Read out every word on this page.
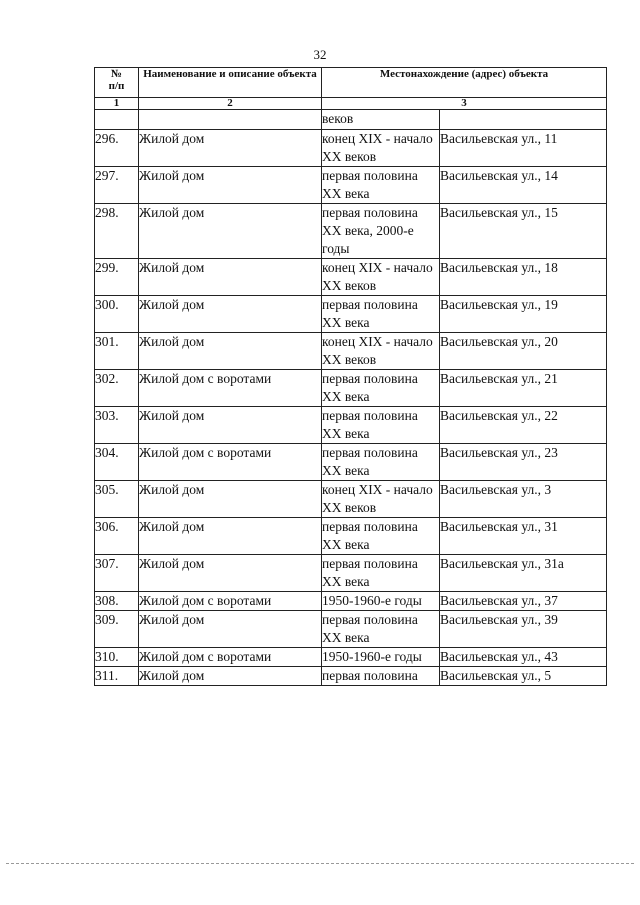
32
№
п/п	Наименование и описание объекта	Местонахождение (адрес) объекта	
1	2	3	
		веков	
296.	Жилой дом	конец XIX - начало XX веков	Васильевская ул., 11
297.	Жилой дом	первая половина XX века	Васильевская ул., 14
298.	Жилой дом	первая половина XX века, 2000-е годы	Васильевская ул., 15
299.	Жилой дом	конец XIX - начало XX веков	Васильевская ул., 18
300.	Жилой дом	первая половина XX века	Васильевская ул., 19
301.	Жилой дом	конец XIX - начало XX веков	Васильевская ул., 20
302.	Жилой дом с воротами	первая половина XX века	Васильевская ул., 21
303.	Жилой дом	первая половина XX века	Васильевская ул., 22
304.	Жилой дом с воротами	первая половина XX века	Васильевская ул., 23
305.	Жилой дом	конец XIX - начало XX веков	Васильевская ул., 3
306.	Жилой дом	первая половина XX века	Васильевская ул., 31
307.	Жилой дом	первая половина XX века	Васильевская ул., 31а
308.	Жилой дом с воротами	1950-1960-е годы	Васильевская ул., 37
309.	Жилой дом	первая половина XX века	Васильевская ул., 39
310.	Жилой дом с воротами	1950-1960-е годы	Васильевская ул., 43
311.	Жилой дом	первая половина	Васильевская ул., 5
